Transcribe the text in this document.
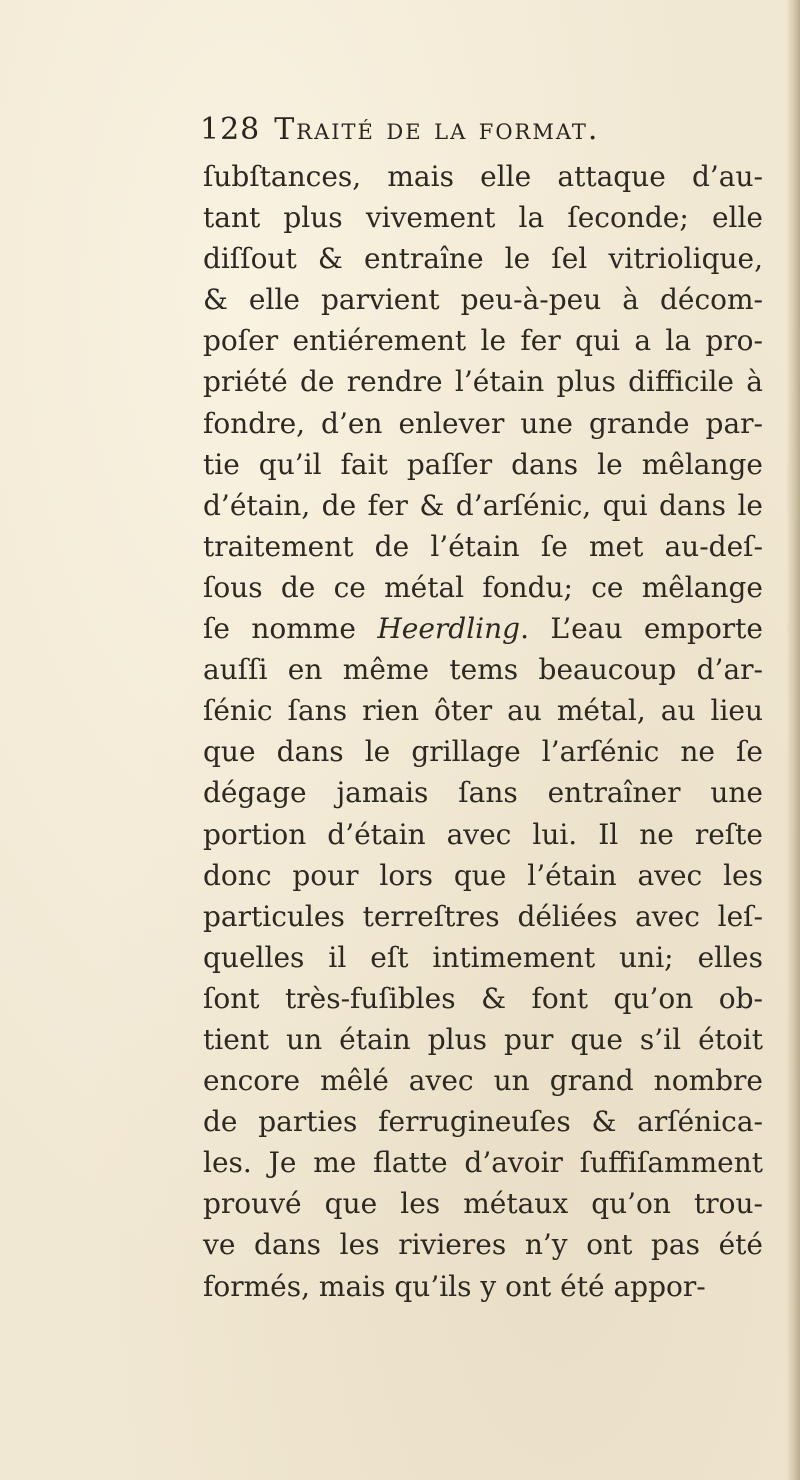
128 Traité de la format.
ſubſtances, mais elle attaque d’au-
tant plus vivement la ſeconde; elle
diſſout & entraîne le ſel vitriolique,
& elle parvient peu-à-peu à décom-
poſer entiérement le fer qui a la pro-
priété de rendre l’étain plus difficile à
fondre, d’en enlever une grande par-
tie qu’il fait paſſer dans le mêlange
d’étain, de fer & d’arſénic, qui dans le
traitement de l’étain ſe met au-deſ-
ſous de ce métal fondu; ce mêlange
ſe nomme Heerdling. L’eau emporte
auſſi en même tems beaucoup d’ar-
ſénic ſans rien ôter au métal, au lieu
que dans le grillage l’arſénic ne ſe
dégage jamais ſans entraîner une
portion d’étain avec lui. Il ne reſte
donc pour lors que l’étain avec les
particules terreſtres déliées avec leſ-
quelles il eſt intimement uni; elles
ſont très-fuſibles & font qu’on ob-
tient un étain plus pur que s’il étoit
encore mêlé avec un grand nombre
de parties ferrugineuſes & arſénica-
les. Je me flatte d’avoir ſuffiſamment
prouvé que les métaux qu’on trou-
ve dans les rivieres n’y ont pas été
formés, mais qu’ils y ont été appor-
